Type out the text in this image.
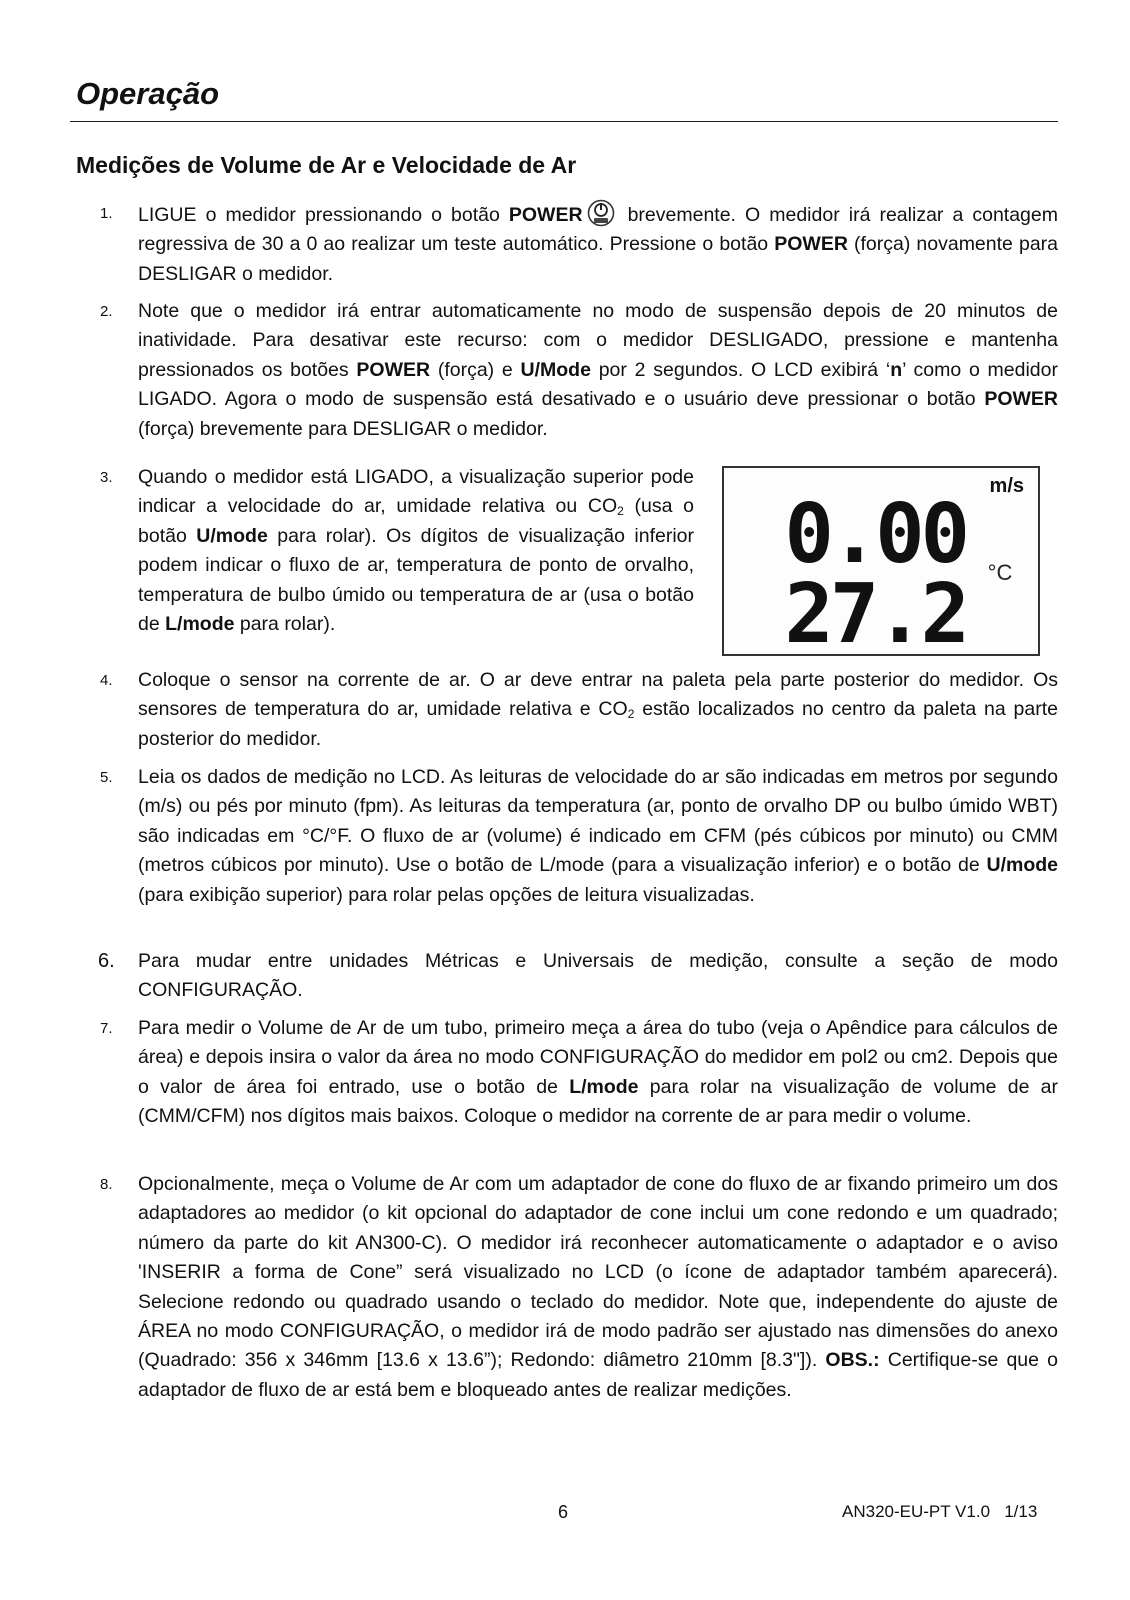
Operação
Medições de Volume de Ar e Velocidade de Ar
1. LIGUE o medidor pressionando o botão POWER brevemente. O medidor irá realizar a contagem regressiva de 30 a 0 ao realizar um teste automático. Pressione o botão POWER (força) novamente para DESLIGAR o medidor.
2. Note que o medidor irá entrar automaticamente no modo de suspensão depois de 20 minutos de inatividade. Para desativar este recurso: com o medidor DESLIGADO, pressione e mantenha pressionados os botões POWER (força) e U/Mode por 2 segundos. O LCD exibirá ‘n’ como o medidor LIGADO. Agora o modo de suspensão está desativado e o usuário deve pressionar o botão POWER (força) brevemente para DESLIGAR o medidor.
3. Quando o medidor está LIGADO, a visualização superior pode indicar a velocidade do ar, umidade relativa ou $CO_2$ (usa o botão U/mode para rolar). Os dígitos de visualização inferior podem indicar o fluxo de ar, temperatura de ponto de orvalho, temperatura de bulbo úmido ou temperatura de ar (usa o botão de L/mode para rolar).
m/s
0.00
27.2 °C
4. Coloque o sensor na corrente de ar. O ar deve entrar na paleta pela parte posterior do medidor. Os sensores de temperatura do ar, umidade relativa e $CO_2$ estão localizados no centro da paleta na parte posterior do medidor.
5. Leia os dados de medição no LCD. As leituras de velocidade do ar são indicadas em metros por segundo (m/s) ou pés por minuto (fpm). As leituras da temperatura (ar, ponto de orvalho DP ou bulbo úmido WBT) são indicadas em °C/°F. O fluxo de ar (volume) é indicado em CFM (pés cúbicos por minuto) ou CMM (metros cúbicos por minuto). Use o botão de L/mode (para a visualização inferior) e o botão de U/mode (para exibição superior) para rolar pelas opções de leitura visualizadas.
6. Para mudar entre unidades Métricas e Universais de medição, consulte a seção de modo CONFIGURAÇÃO.
7. Para medir o Volume de Ar de um tubo, primeiro meça a área do tubo (veja o Apêndice para cálculos de área) e depois insira o valor da área no modo CONFIGURAÇÃO do medidor em pol2 ou cm2. Depois que o valor de área foi entrado, use o botão de L/mode para rolar na visualização de volume de ar (CMM/CFM) nos dígitos mais baixos. Coloque o medidor na corrente de ar para medir o volume.
8. Opcionalmente, meça o Volume de Ar com um adaptador de cone do fluxo de ar fixando primeiro um dos adaptadores ao medidor (o kit opcional do adaptador de cone inclui um cone redondo e um quadrado; número da parte do kit AN300-C). O medidor irá reconhecer automaticamente o adaptador e o aviso 'INSERIR a forma de Cone” será visualizado no LCD (o ícone de adaptador também aparecerá). Selecione redondo ou quadrado usando o teclado do medidor. Note que, independente do ajuste de ÁREA no modo CONFIGURAÇÃO, o medidor irá de modo padrão ser ajustado nas dimensões do anexo (Quadrado: 356 x 346mm [13.6 x 13.6”); Redondo: diâmetro 210mm [8.3"]). OBS.: Certifique-se que o adaptador de fluxo de ar está bem e bloqueado antes de realizar medições.
6	AN320-EU-PT V1.0   1/13
